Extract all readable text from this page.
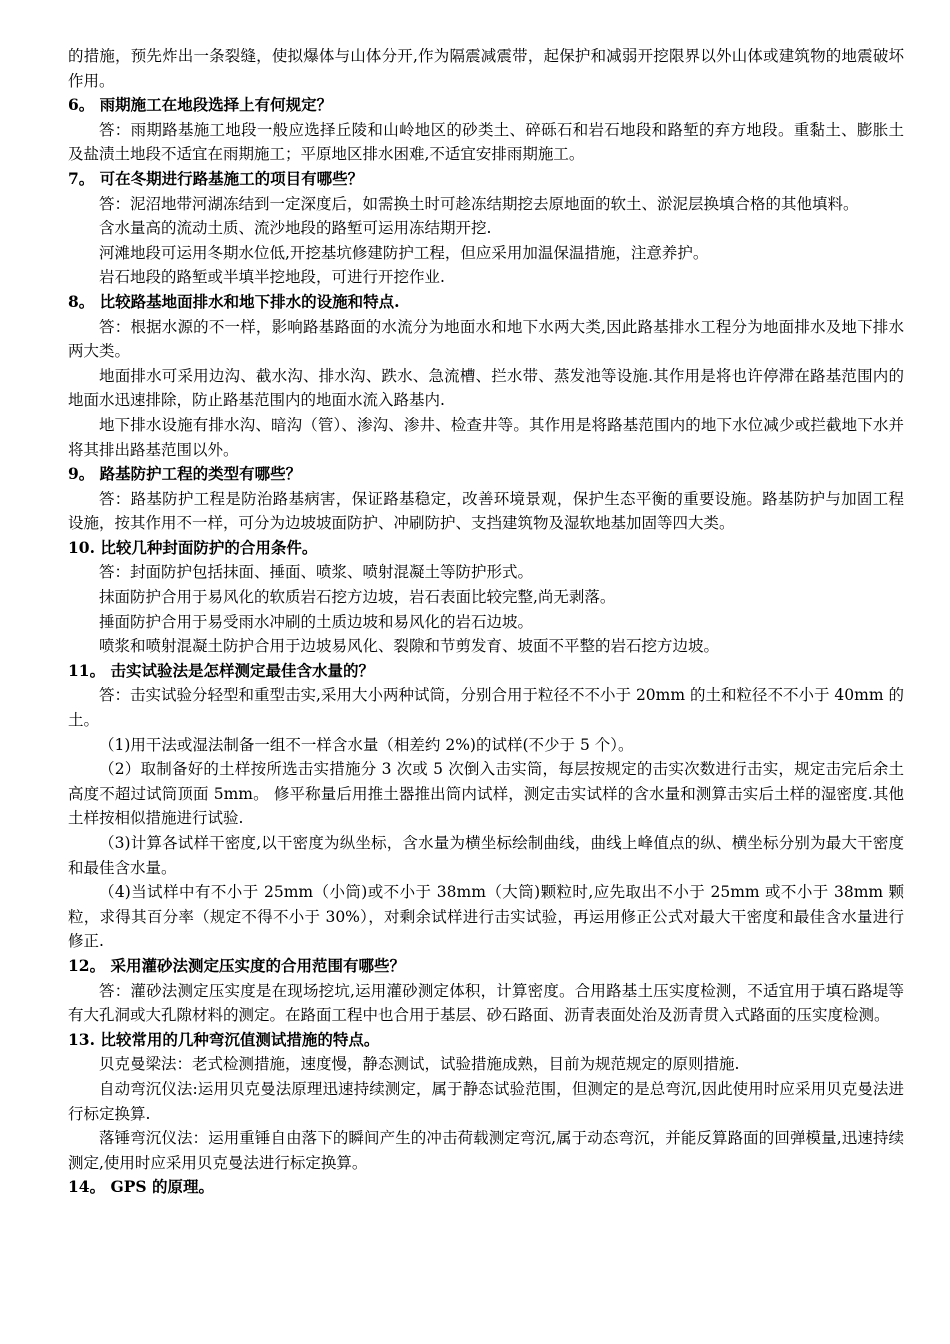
的措施，预先炸出一条裂缝，使拟爆体与山体分开,作为隔震减震带，起保护和减弱开挖限界以外山体或建筑物的地震破坏作用。

6。 雨期施工在地段选择上有何规定？

答：雨期路基施工地段一般应选择丘陵和山岭地区的砂类土、碎砾石和岩石地段和路堑的弃方地段。重黏土、膨胀土及盐渍土地段不适宜在雨期施工；平原地区排水困难,不适宜安排雨期施工。

7。 可在冬期进行路基施工的项目有哪些？

答：泥沼地带河湖冻结到一定深度后，如需换土时可趁冻结期挖去原地面的软土、淤泥层换填合格的其他填料。

含水量高的流动土质、流沙地段的路堑可运用冻结期开挖.

河滩地段可运用冬期水位低,开挖基坑修建防护工程，但应采用加温保温措施，注意养护。

岩石地段的路堑或半填半挖地段，可进行开挖作业.

8。 比较路基地面排水和地下排水的设施和特点.

答：根据水源的不一样，影响路基路面的水流分为地面水和地下水两大类,因此路基排水工程分为地面排水及地下排水两大类。

地面排水可采用边沟、截水沟、排水沟、跌水、急流槽、拦水带、蒸发池等设施.其作用是将也许停滞在路基范围内的地面水迅速排除，防止路基范围内的地面水流入路基内.

地下排水设施有排水沟、暗沟（管）、渗沟、渗井、检查井等。其作用是将路基范围内的地下水位减少或拦截地下水并将其排出路基范围以外。

9。 路基防护工程的类型有哪些？

答：路基防护工程是防治路基病害，保证路基稳定，改善环境景观，保护生态平衡的重要设施。路基防护与加固工程设施，按其作用不一样，可分为边坡坡面防护、冲刷防护、支挡建筑物及湿软地基加固等四大类。

10. 比较几种封面防护的合用条件。

答：封面防护包括抹面、捶面、喷浆、喷射混凝土等防护形式。

抹面防护合用于易风化的软质岩石挖方边坡，岩石表面比较完整,尚无剥落。

捶面防护合用于易受雨水冲刷的土质边坡和易风化的岩石边坡。

喷浆和喷射混凝土防护合用于边坡易风化、裂隙和节剪发育、坡面不平整的岩石挖方边坡。

11。 击实试验法是怎样测定最佳含水量的？

答：击实试验分轻型和重型击实,采用大小两种试筒，分别合用于粒径不不小于 20mm 的土和粒径不不小于 40mm 的土。

（1)用干法或湿法制备一组不一样含水量（相差约 2%)的试样(不少于 5 个）。

（2）取制备好的土样按所选击实措施分 3 次或 5 次倒入击实筒，每层按规定的击实次数进行击实，规定击完后余土高度不超过试筒顶面 5mm。 修平称量后用推土器推出筒内试样，测定击实试样的含水量和测算击实后土样的湿密度.其他土样按相似措施进行试验.

（3)计算各试样干密度,以干密度为纵坐标，含水量为横坐标绘制曲线，曲线上峰值点的纵、横坐标分别为最大干密度和最佳含水量。

（4)当试样中有不小于 25mm（小筒)或不小于 38mm（大筒)颗粒时,应先取出不小于 25mm 或不小于 38mm 颗粒，求得其百分率（规定不得不小于 30%），对剩余试样进行击实试验，再运用修正公式对最大干密度和最佳含水量进行修正.

12。 采用灌砂法测定压实度的合用范围有哪些？

答：灌砂法测定压实度是在现场挖坑,运用灌砂测定体积，计算密度。合用路基土压实度检测，不适宜用于填石路堤等有大孔洞或大孔隙材料的测定。在路面工程中也合用于基层、砂石路面、沥青表面处治及沥青贯入式路面的压实度检测。

13. 比较常用的几种弯沉值测试措施的特点。

贝克曼梁法：老式检测措施，速度慢，静态测试，试验措施成熟，目前为规范规定的原则措施.

自动弯沉仪法:运用贝克曼法原理迅速持续测定，属于静态试验范围，但测定的是总弯沉,因此使用时应采用贝克曼法进行标定换算.

落锤弯沉仪法：运用重锤自由落下的瞬间产生的冲击荷载测定弯沉,属于动态弯沉，并能反算路面的回弹模量,迅速持续测定,使用时应采用贝克曼法进行标定换算。

14。 GPS 的原理。
